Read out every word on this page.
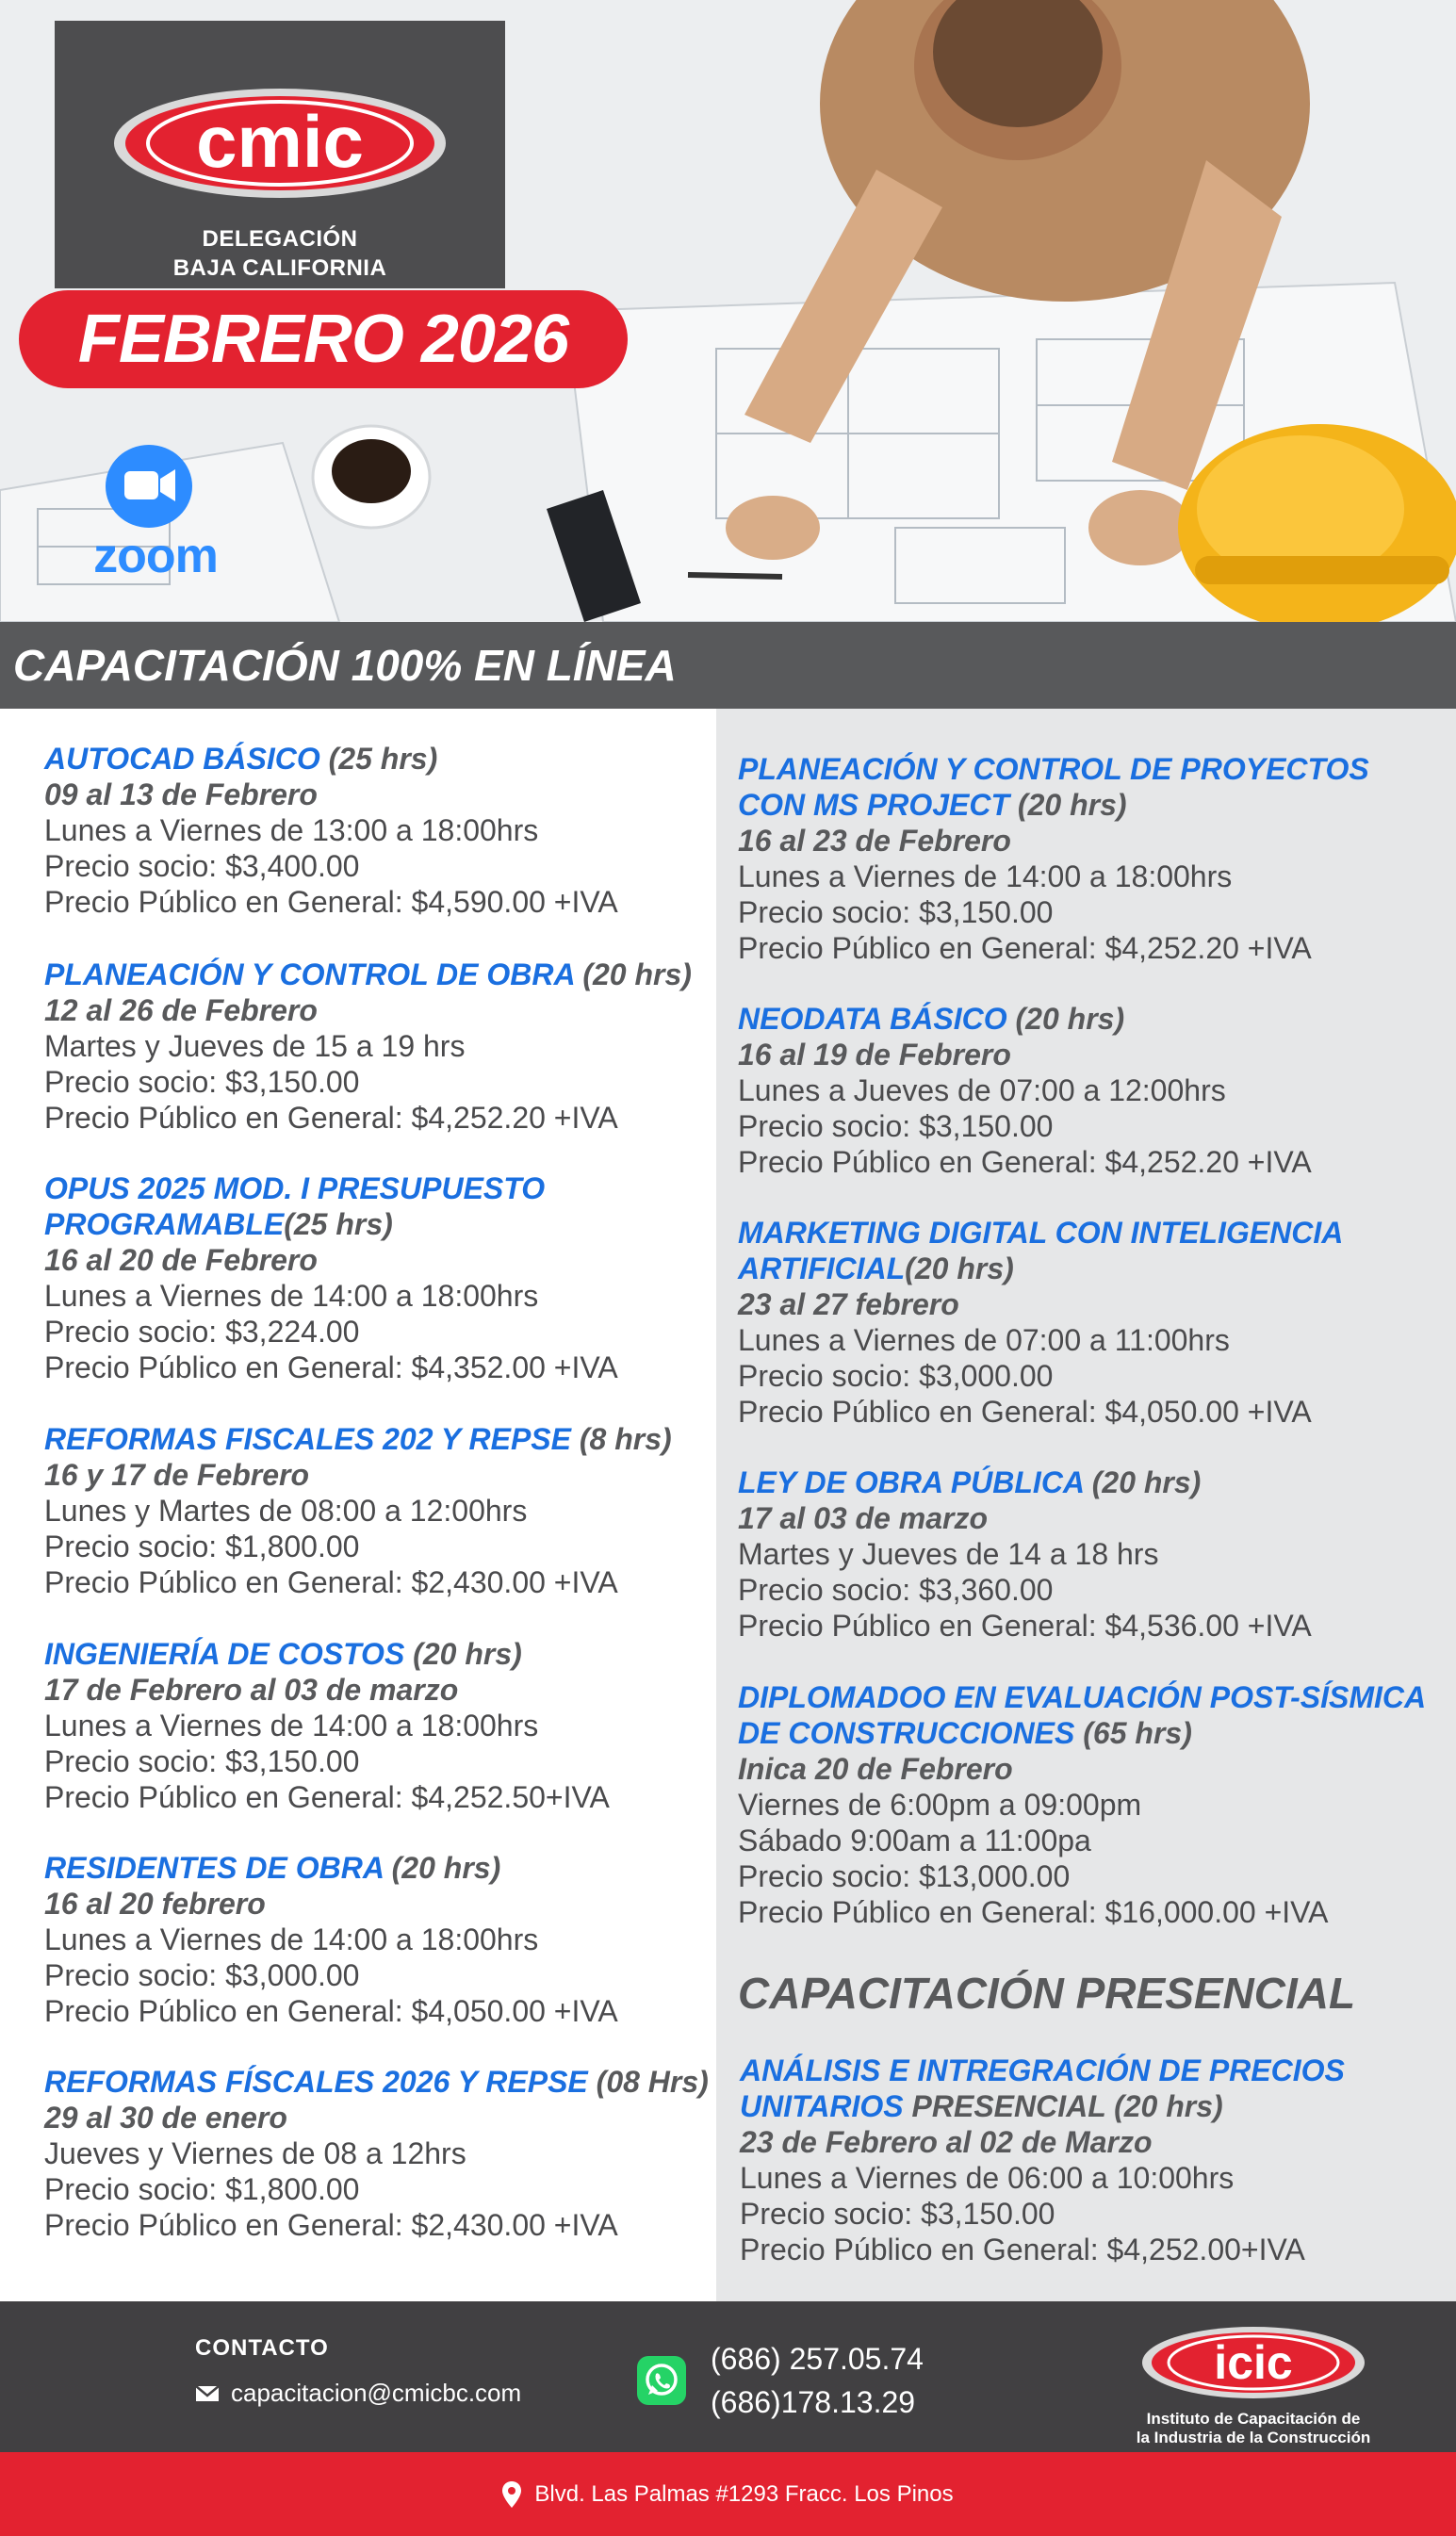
cmic
DELEGACIÓN
BAJA CALIFORNIA
FEBRERO 2026
zoom
CAPACITACIÓN 100% EN LÍNEA
AUTOCAD BÁSICO (25 hrs)
09 al 13 de Febrero
Lunes a Viernes de 13:00 a 18:00hrs
Precio socio: $3,400.00
Precio Público en General: $4,590.00 +IVA
PLANEACIÓN Y CONTROL DE OBRA (20 hrs)
12 al 26 de Febrero
Martes y Jueves de 15 a 19 hrs
Precio socio: $3,150.00
Precio Público en General: $4,252.20 +IVA
OPUS 2025 MOD. I PRESUPUESTO
PROGRAMABLE(25 hrs)
16 al 20 de Febrero
Lunes a Viernes de 14:00 a 18:00hrs
Precio socio: $3,224.00
Precio Público en General: $4,352.00 +IVA
REFORMAS FISCALES 202 Y REPSE (8 hrs)
16 y 17 de Febrero
Lunes y Martes de 08:00 a 12:00hrs
Precio socio: $1,800.00
Precio Público en General: $2,430.00 +IVA
INGENIERÍA DE COSTOS (20 hrs)
17 de Febrero al 03 de marzo
Lunes a Viernes de 14:00 a 18:00hrs
Precio socio: $3,150.00
Precio Público en General: $4,252.50+IVA
RESIDENTES DE OBRA (20 hrs)
16 al 20 febrero
Lunes a Viernes de 14:00 a 18:00hrs
Precio socio: $3,000.00
Precio Público en General: $4,050.00 +IVA
REFORMAS FÍSCALES 2026 Y REPSE (08 Hrs)
29 al 30 de enero
Jueves y Viernes de 08 a 12hrs
Precio socio: $1,800.00
Precio Público en General: $2,430.00 +IVA
PLANEACIÓN Y CONTROL DE PROYECTOS
CON MS PROJECT (20 hrs)
16 al 23 de Febrero
Lunes a Viernes de 14:00 a 18:00hrs
Precio socio: $3,150.00
Precio Público en General: $4,252.20 +IVA
NEODATA BÁSICO (20 hrs)
16 al 19 de Febrero
Lunes a Jueves de 07:00 a 12:00hrs
Precio socio: $3,150.00
Precio Público en General: $4,252.20 +IVA
MARKETING DIGITAL CON INTELIGENCIA
ARTIFICIAL(20 hrs)
23 al 27 febrero
Lunes a Viernes de 07:00 a 11:00hrs
Precio socio: $3,000.00
Precio Público en General: $4,050.00 +IVA
LEY DE OBRA PÚBLICA (20 hrs)
17 al 03 de marzo
Martes y Jueves de 14 a 18 hrs
Precio socio: $3,360.00
Precio Público en General: $4,536.00 +IVA
DIPLOMADOO EN EVALUACIÓN POST-SÍSMICA
DE CONSTRUCCIONES (65 hrs)
Inica 20 de Febrero
Viernes de 6:00pm a 09:00pm
Sábado 9:00am a 11:00pa
Precio socio: $13,000.00
Precio Público en General: $16,000.00 +IVA
CAPACITACIÓN PRESENCIAL
ANÁLISIS E INTREGRACIÓN DE PRECIOS
UNITARIOS PRESENCIAL (20 hrs)
23 de Febrero al 02 de Marzo
Lunes a Viernes de 06:00 a 10:00hrs
Precio socio: $3,150.00
Precio Público en General: $4,252.00+IVA
CONTACTO
capacitacion@cmicbc.com
(686) 257.05.74
(686)178.13.29
icic
Instituto de Capacitación de
la Industria de la Construcción
Blvd. Las Palmas #1293 Fracc. Los Pinos
